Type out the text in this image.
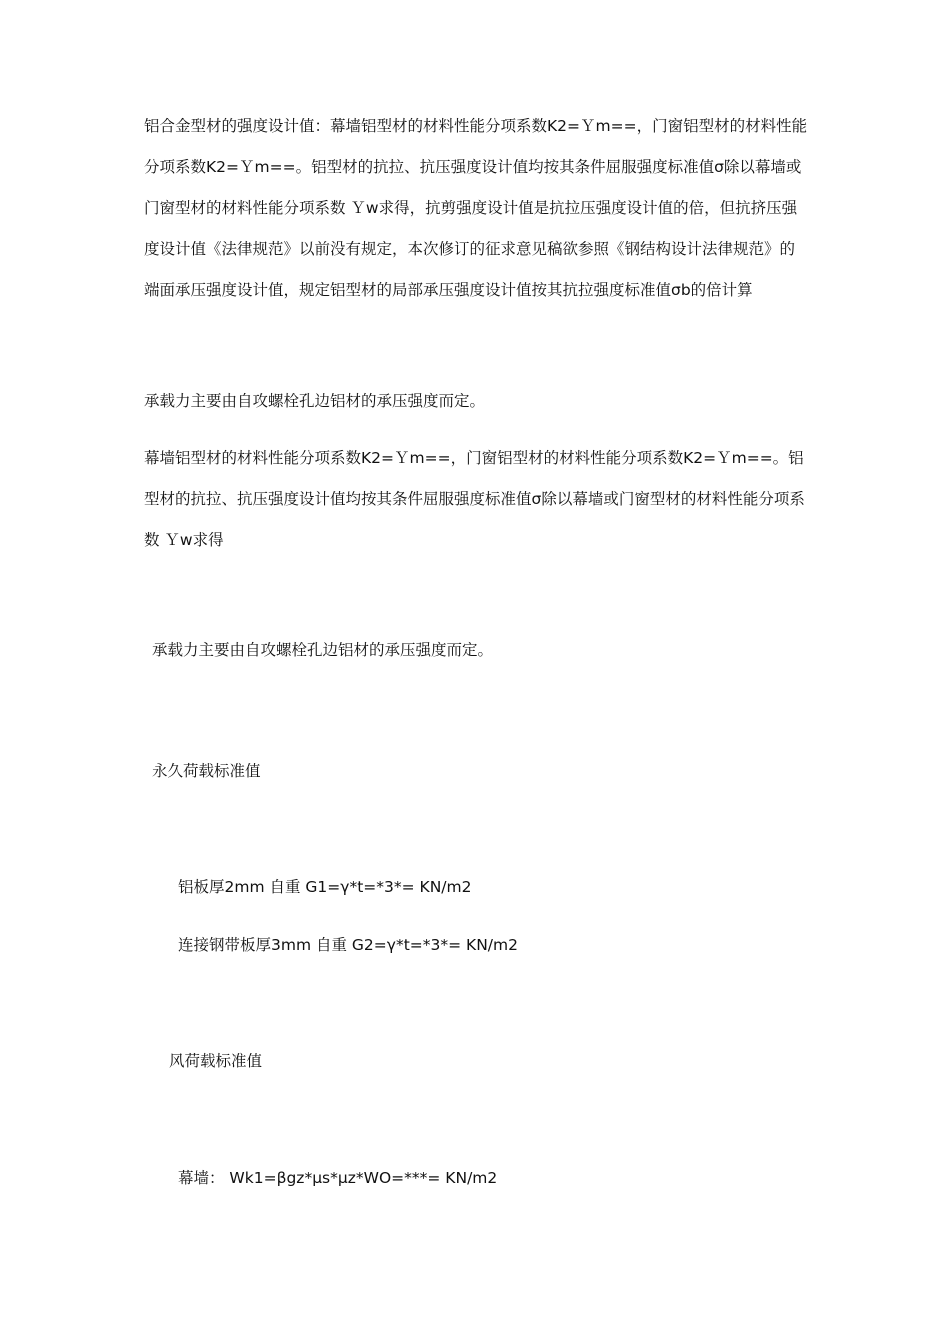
铝合金型材的强度设计值：幕墙铝型材的材料性能分项系数K2=Ｙm==，门窗铝型材的材料性能分项系数K2=Ｙm==。铝型材的抗拉、抗压强度设计值均按其条件屈服强度标准值σ除以幕墙或门窗型材的材料性能分项系数 Ｙw求得，抗剪强度设计值是抗拉压强度设计值的倍，但抗挤压强度设计值《法律规范》以前没有规定，本次修订的征求意见稿欲参照《钢结构设计法律规范》的端面承压强度设计值，规定铝型材的局部承压强度设计值按其抗拉强度标准值σb的倍计算

承载力主要由自攻螺栓孔边铝材的承压强度而定。

幕墙铝型材的材料性能分项系数K2=Ｙm==，门窗铝型材的材料性能分项系数K2=Ｙm==。铝型材的抗拉、抗压强度设计值均按其条件屈服强度标准值σ除以幕墙或门窗型材的材料性能分项系数 Ｙw求得

承载力主要由自攻螺栓孔边铝材的承压强度而定。

永久荷载标准值

铝板厚2mm 自重 G1=γ*t=*3*= KN/m2

连接钢带板厚3mm 自重 G2=γ*t=*3*= KN/m2

风荷载标准值

幕墙： Wk1=βgz*μs*μz*WO=***= KN/m2
